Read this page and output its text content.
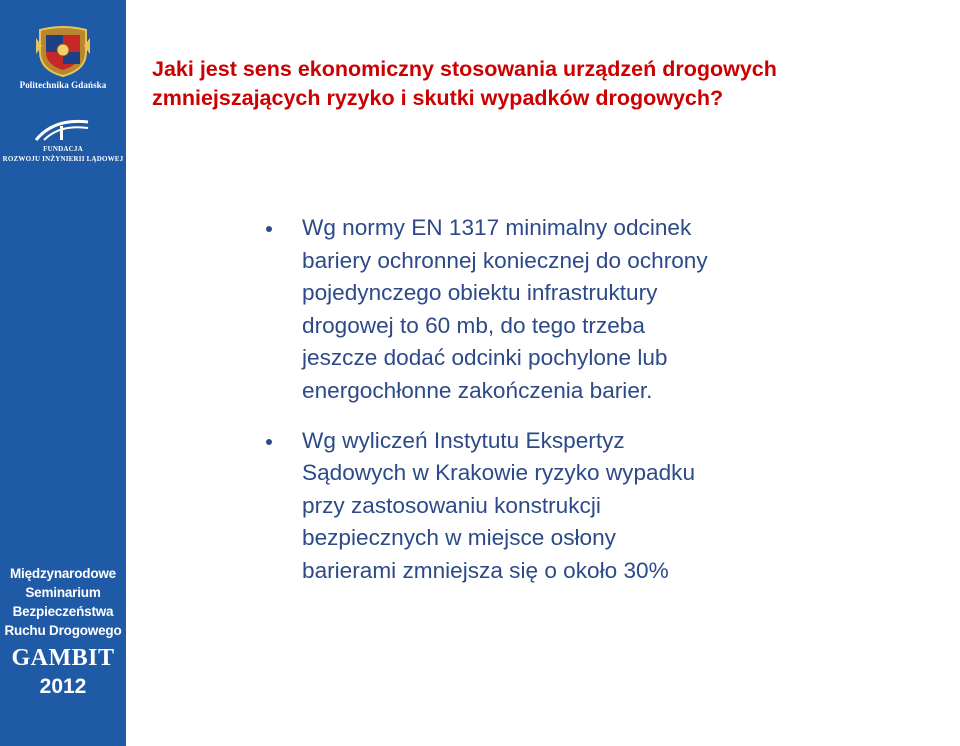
Politechnika Gdańska
FUNDACJA
ROZWOJU INŻYNIERII LĄDOWEJ
Międzynarodowe
Seminarium
Bezpieczeństwa
Ruchu Drogowego
GAMBIT
2012
Jaki jest sens ekonomiczny stosowania urządzeń drogowych
zmniejszających ryzyko i skutki wypadków drogowych?
Wg normy EN 1317 minimalny odcinek
bariery ochronnej koniecznej do ochrony
pojedynczego obiektu infrastruktury
drogowej to 60 mb, do tego trzeba
jeszcze dodać odcinki pochylone lub
energochłonne zakończenia barier.
Wg wyliczeń Instytutu Ekspertyz
Sądowych w Krakowie ryzyko wypadku
przy zastosowaniu konstrukcji
bezpiecznych w miejsce osłony
barierami zmniejsza się o około 30%
